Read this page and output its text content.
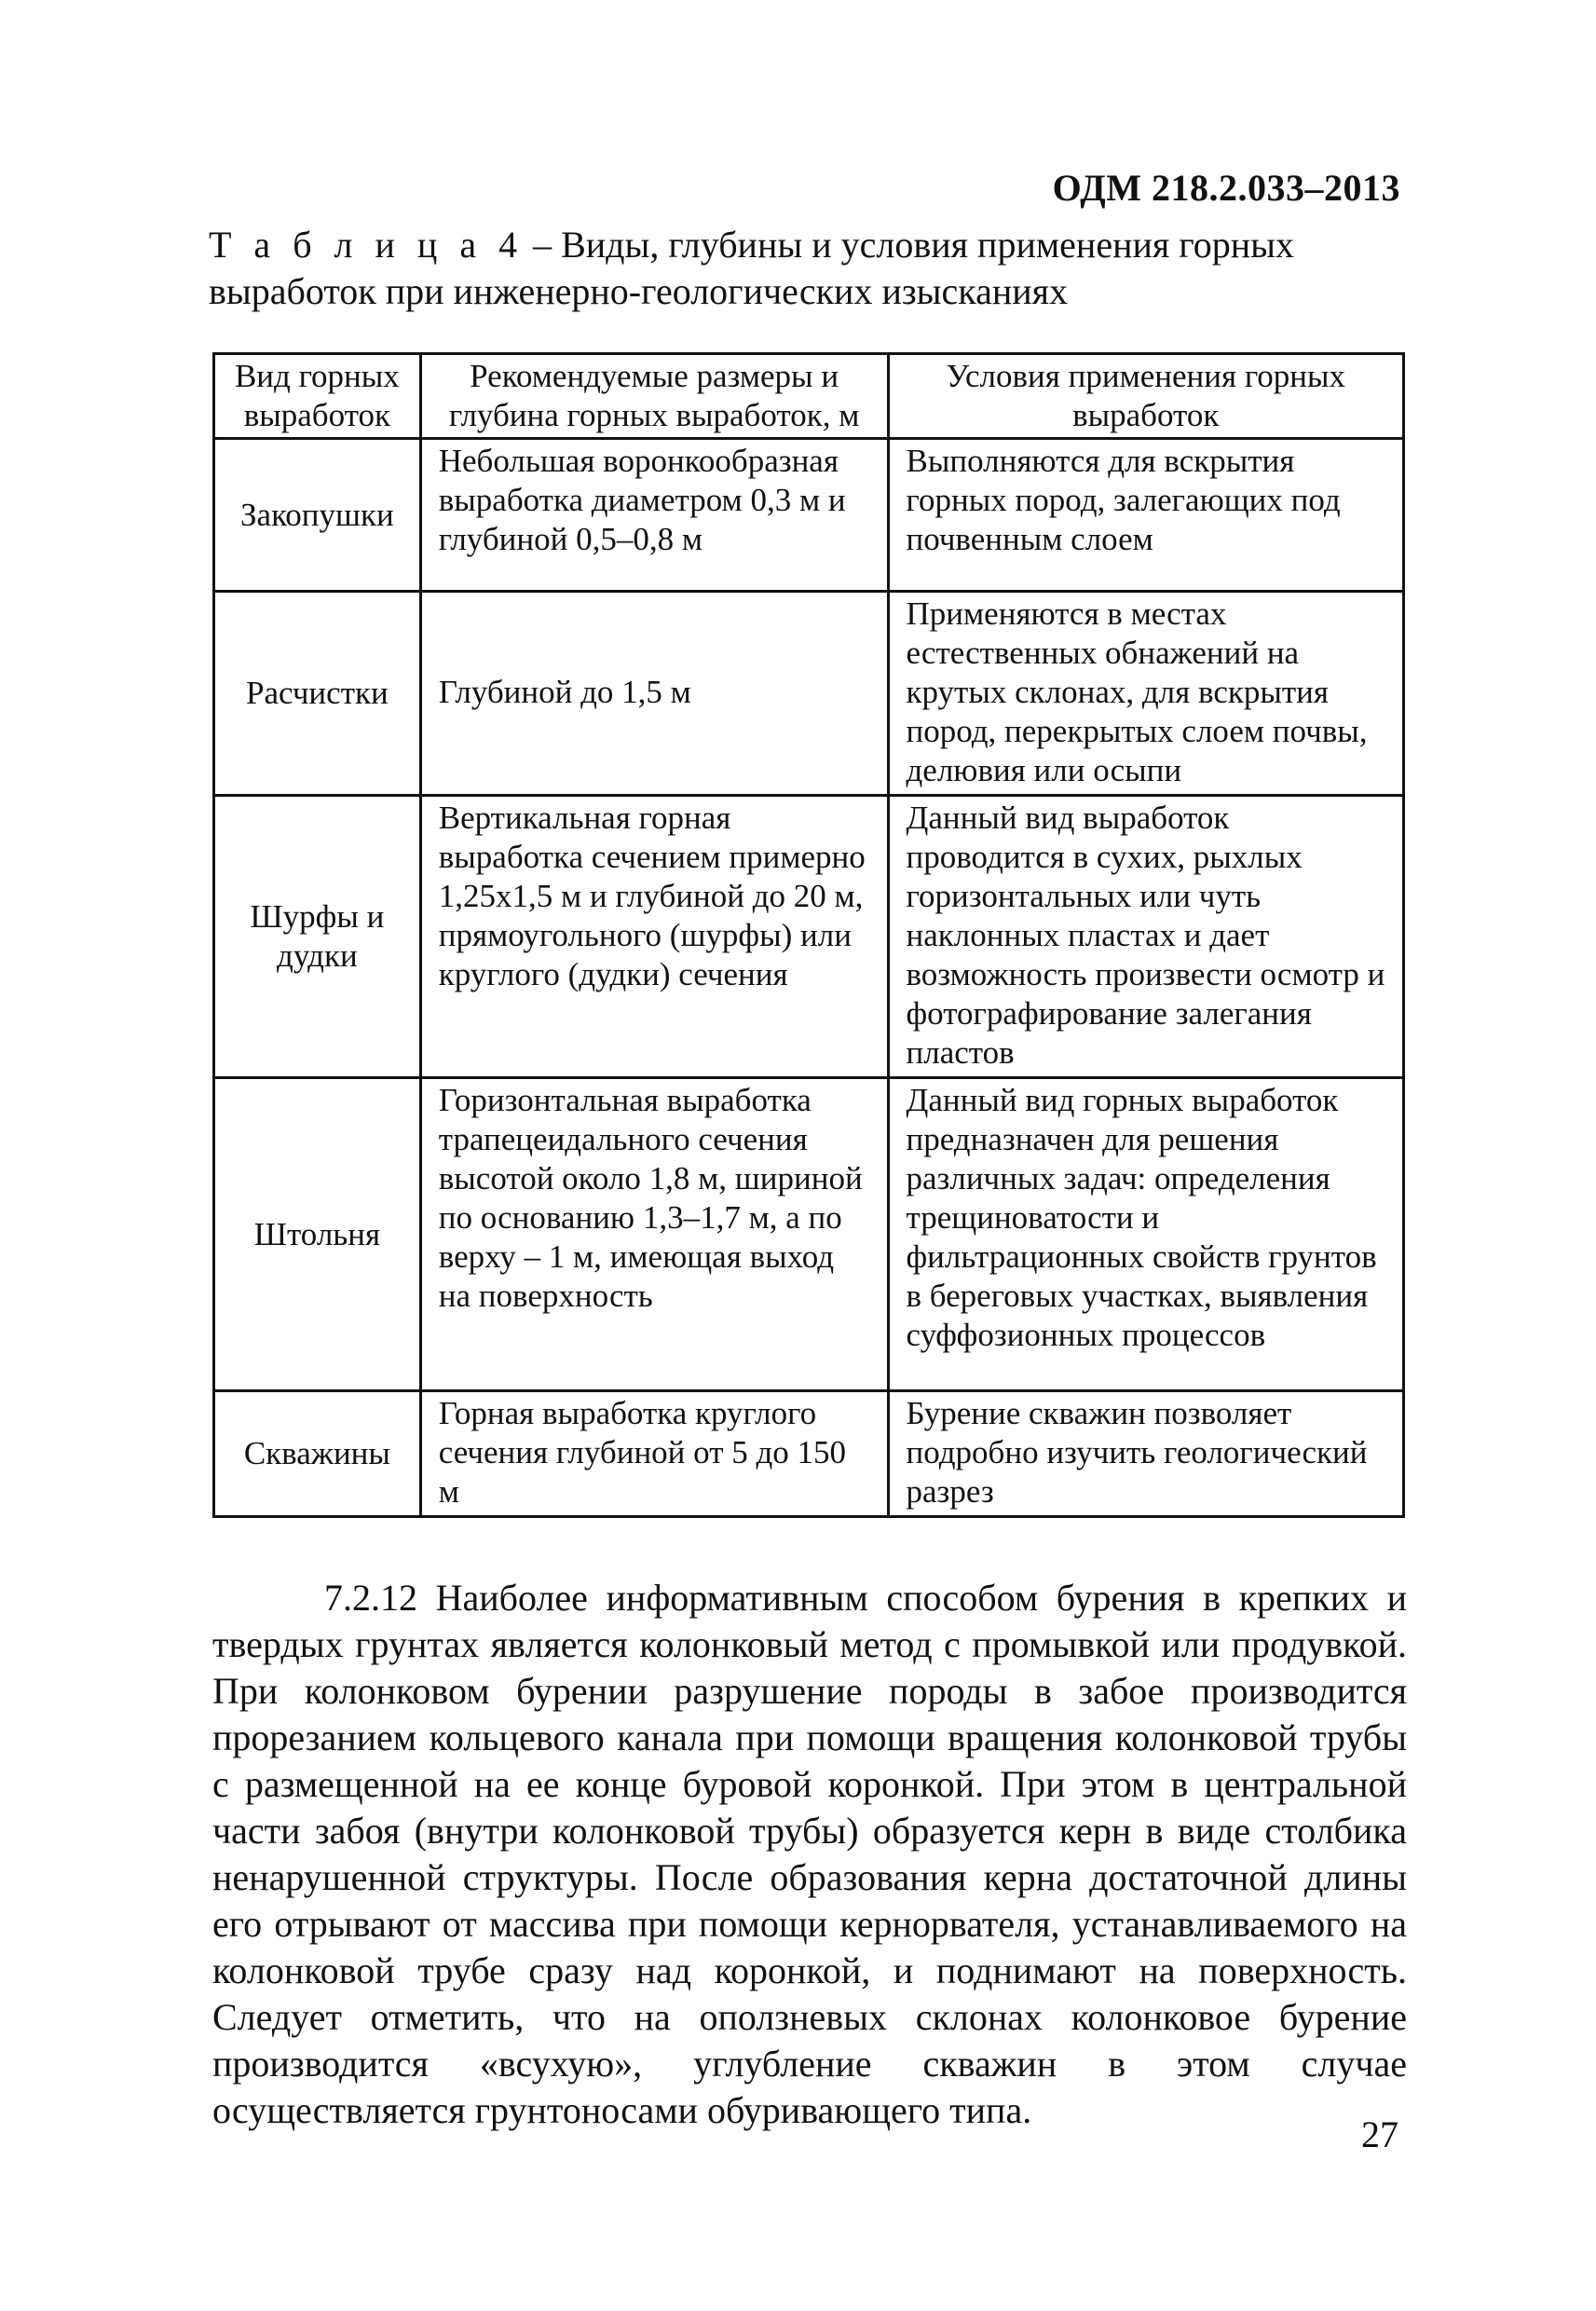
ОДМ 218.2.033–2013
Т а б л и ц а 4 – Виды, глубины и условия применения горных выработок при инженерно-геологических изысканиях
Вид горных выработок	Рекомендуемые размеры и глубина горных выработок, м	Условия применения горных выработок
Закопушки	Небольшая воронкообразная выработка диаметром 0,3 м и глубиной 0,5–0,8 м	Выполняются для вскрытия горных пород, залегающих под почвенным слоем
Расчистки	Глубиной до 1,5 м	Применяются в местах естественных обнажений на крутых склонах, для вскрытия пород, перекрытых слоем почвы, делювия или осыпи
Шурфы и дудки	Вертикальная горная выработка сечением примерно 1,25х1,5 м и глубиной до 20 м, прямоугольного (шурфы) или круглого (дудки) сечения	Данный вид выработок проводится в сухих, рыхлых горизонтальных или чуть наклонных пластах и дает возможность произвести осмотр и фотографирование залегания пластов
Штольня	Горизонтальная выработка трапецеидального сечения высотой около 1,8 м, шириной по основанию 1,3–1,7 м, а по верху – 1 м, имеющая выход на поверхность	Данный вид горных выработок предназначен для решения различных задач: определения трещиноватости и фильтрационных свойств грунтов в береговых участках, выявления суффозионных процессов
Скважины	Горная выработка круглого сечения глубиной от 5 до 150 м	Бурение скважин позволяет подробно изучить геологический разрез

7.2.12 Наиболее информативным способом бурения в крепких и твердых грунтах является колонковый метод с промывкой или продувкой. При колонковом бурении разрушение породы в забое производится прорезанием кольцевого канала при помощи вращения колонковой трубы с размещенной на ее конце буровой коронкой. При этом в центральной части забоя (внутри колонковой трубы) образуется керн в виде столбика ненарушенной структуры. После образования керна достаточной длины его отрывают от массива при помощи кернорвателя, устанавливаемого на колонковой трубе сразу над коронкой, и поднимают на поверхность. Следует отметить, что на оползневых склонах колонковое бурение производится «всухую», углубление скважин в этом случае осуществляется грунтоносами обуривающего типа.

27
